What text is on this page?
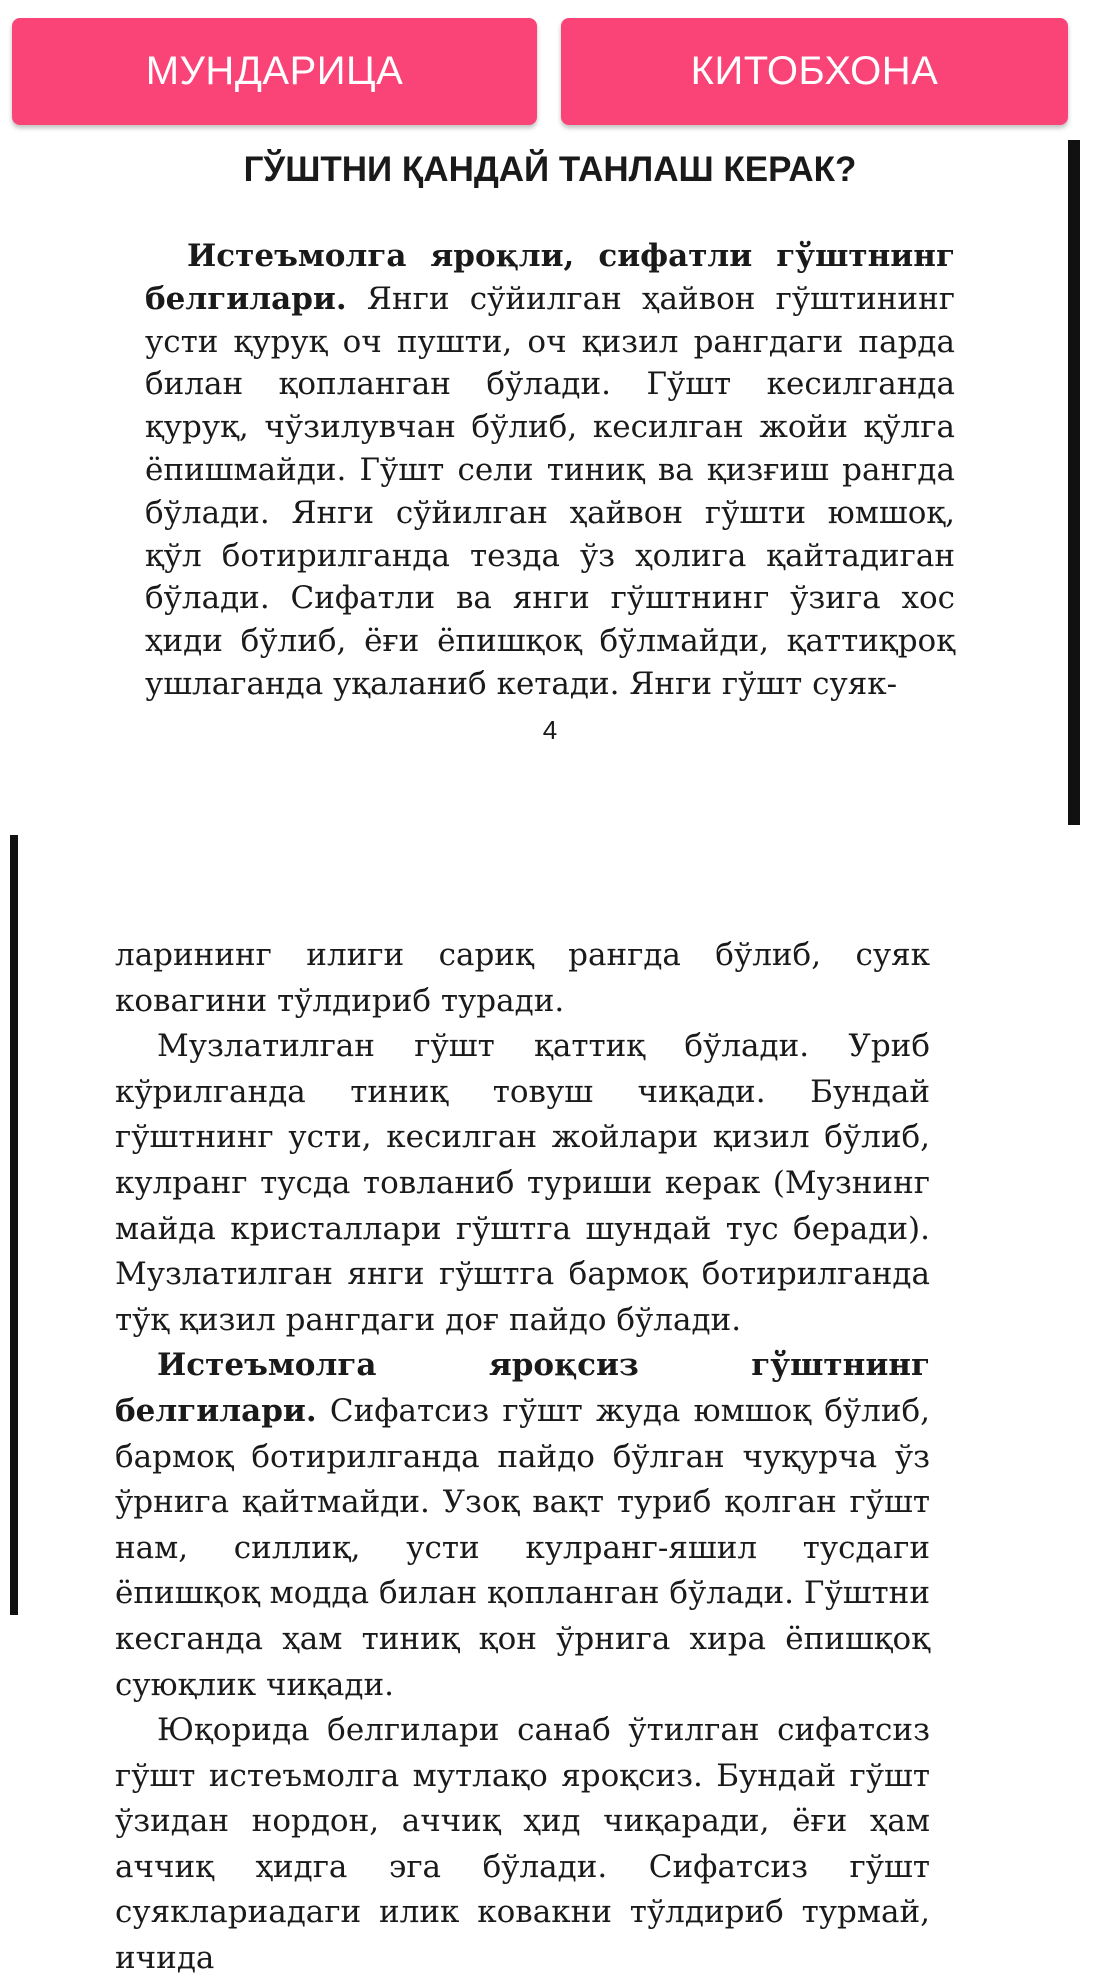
МУНДАРИЦА	КИТОБХОНА
ГЎШТНИ ҚАНДАЙ ТАНЛАШ КЕРАК?

Истеъмолга яроқли, сифатли гўштнинг белгилари. Янги сўйилган ҳайвон гўштининг усти қуруқ оч пушти, оч қизил рангдаги парда билан қопланган бўлади. Гўшт кесилганда қуруқ, чўзилувчан бўлиб, кесилган жойи қўлга ёпишмайди. Гўшт сели тиниқ ва қизғиш рангда бўлади. Янги сўйилган ҳайвон гўшти юмшоқ, қўл ботирилганда тезда ўз ҳолига қайтадиган бўлади. Сифатли ва янги гўштнинг ўзига хос ҳиди бўлиб, ёғи ёпишқоқ бўлмайди, қаттиқроқ ушлаганда уқаланиб кетади. Янги гўшт суяк-

4

ларининг илиги сариқ рангда бўлиб, суяк ковагини тўлдириб туради.

Музлатилган гўшт қаттиқ бўлади. Уриб кўрилганда тиниқ товуш чиқади. Бундай гўштнинг усти, кесилган жойлари қизил бўлиб, кулранг тусда товланиб туриши керак (Музнинг майда кристаллари гўштга шундай тус беради). Музлатилган янги гўштга бармоқ ботирилганда тўқ қизил рангдаги доғ пайдо бўлади.

Истеъмолга яроқсиз гўштнинг белгилари. Сифатсиз гўшт жуда юмшоқ бўлиб, бармоқ ботирилганда пайдо бўлган чуқурча ўз ўрнига қайтмайди. Узоқ вақт туриб қолган гўшт нам, силлиқ, усти кулранг-яшил тусдаги ёпишқоқ модда билан қопланган бўлади. Гўштни кесганда ҳам тиниқ қон ўрнига хира ёпишқоқ суюқлик чиқади.

Юқорида белгилари санаб ўтилган сифатсиз гўшт истеъмолга мутлақо яроқсиз. Бундай гўшт ўзидан нордон, аччиқ ҳид чиқаради, ёғи ҳам аччиқ ҳидга эга бўлади. Сифатсиз гўшт суяклариадаги илик ковакни тўлдириб турмай, ичида
